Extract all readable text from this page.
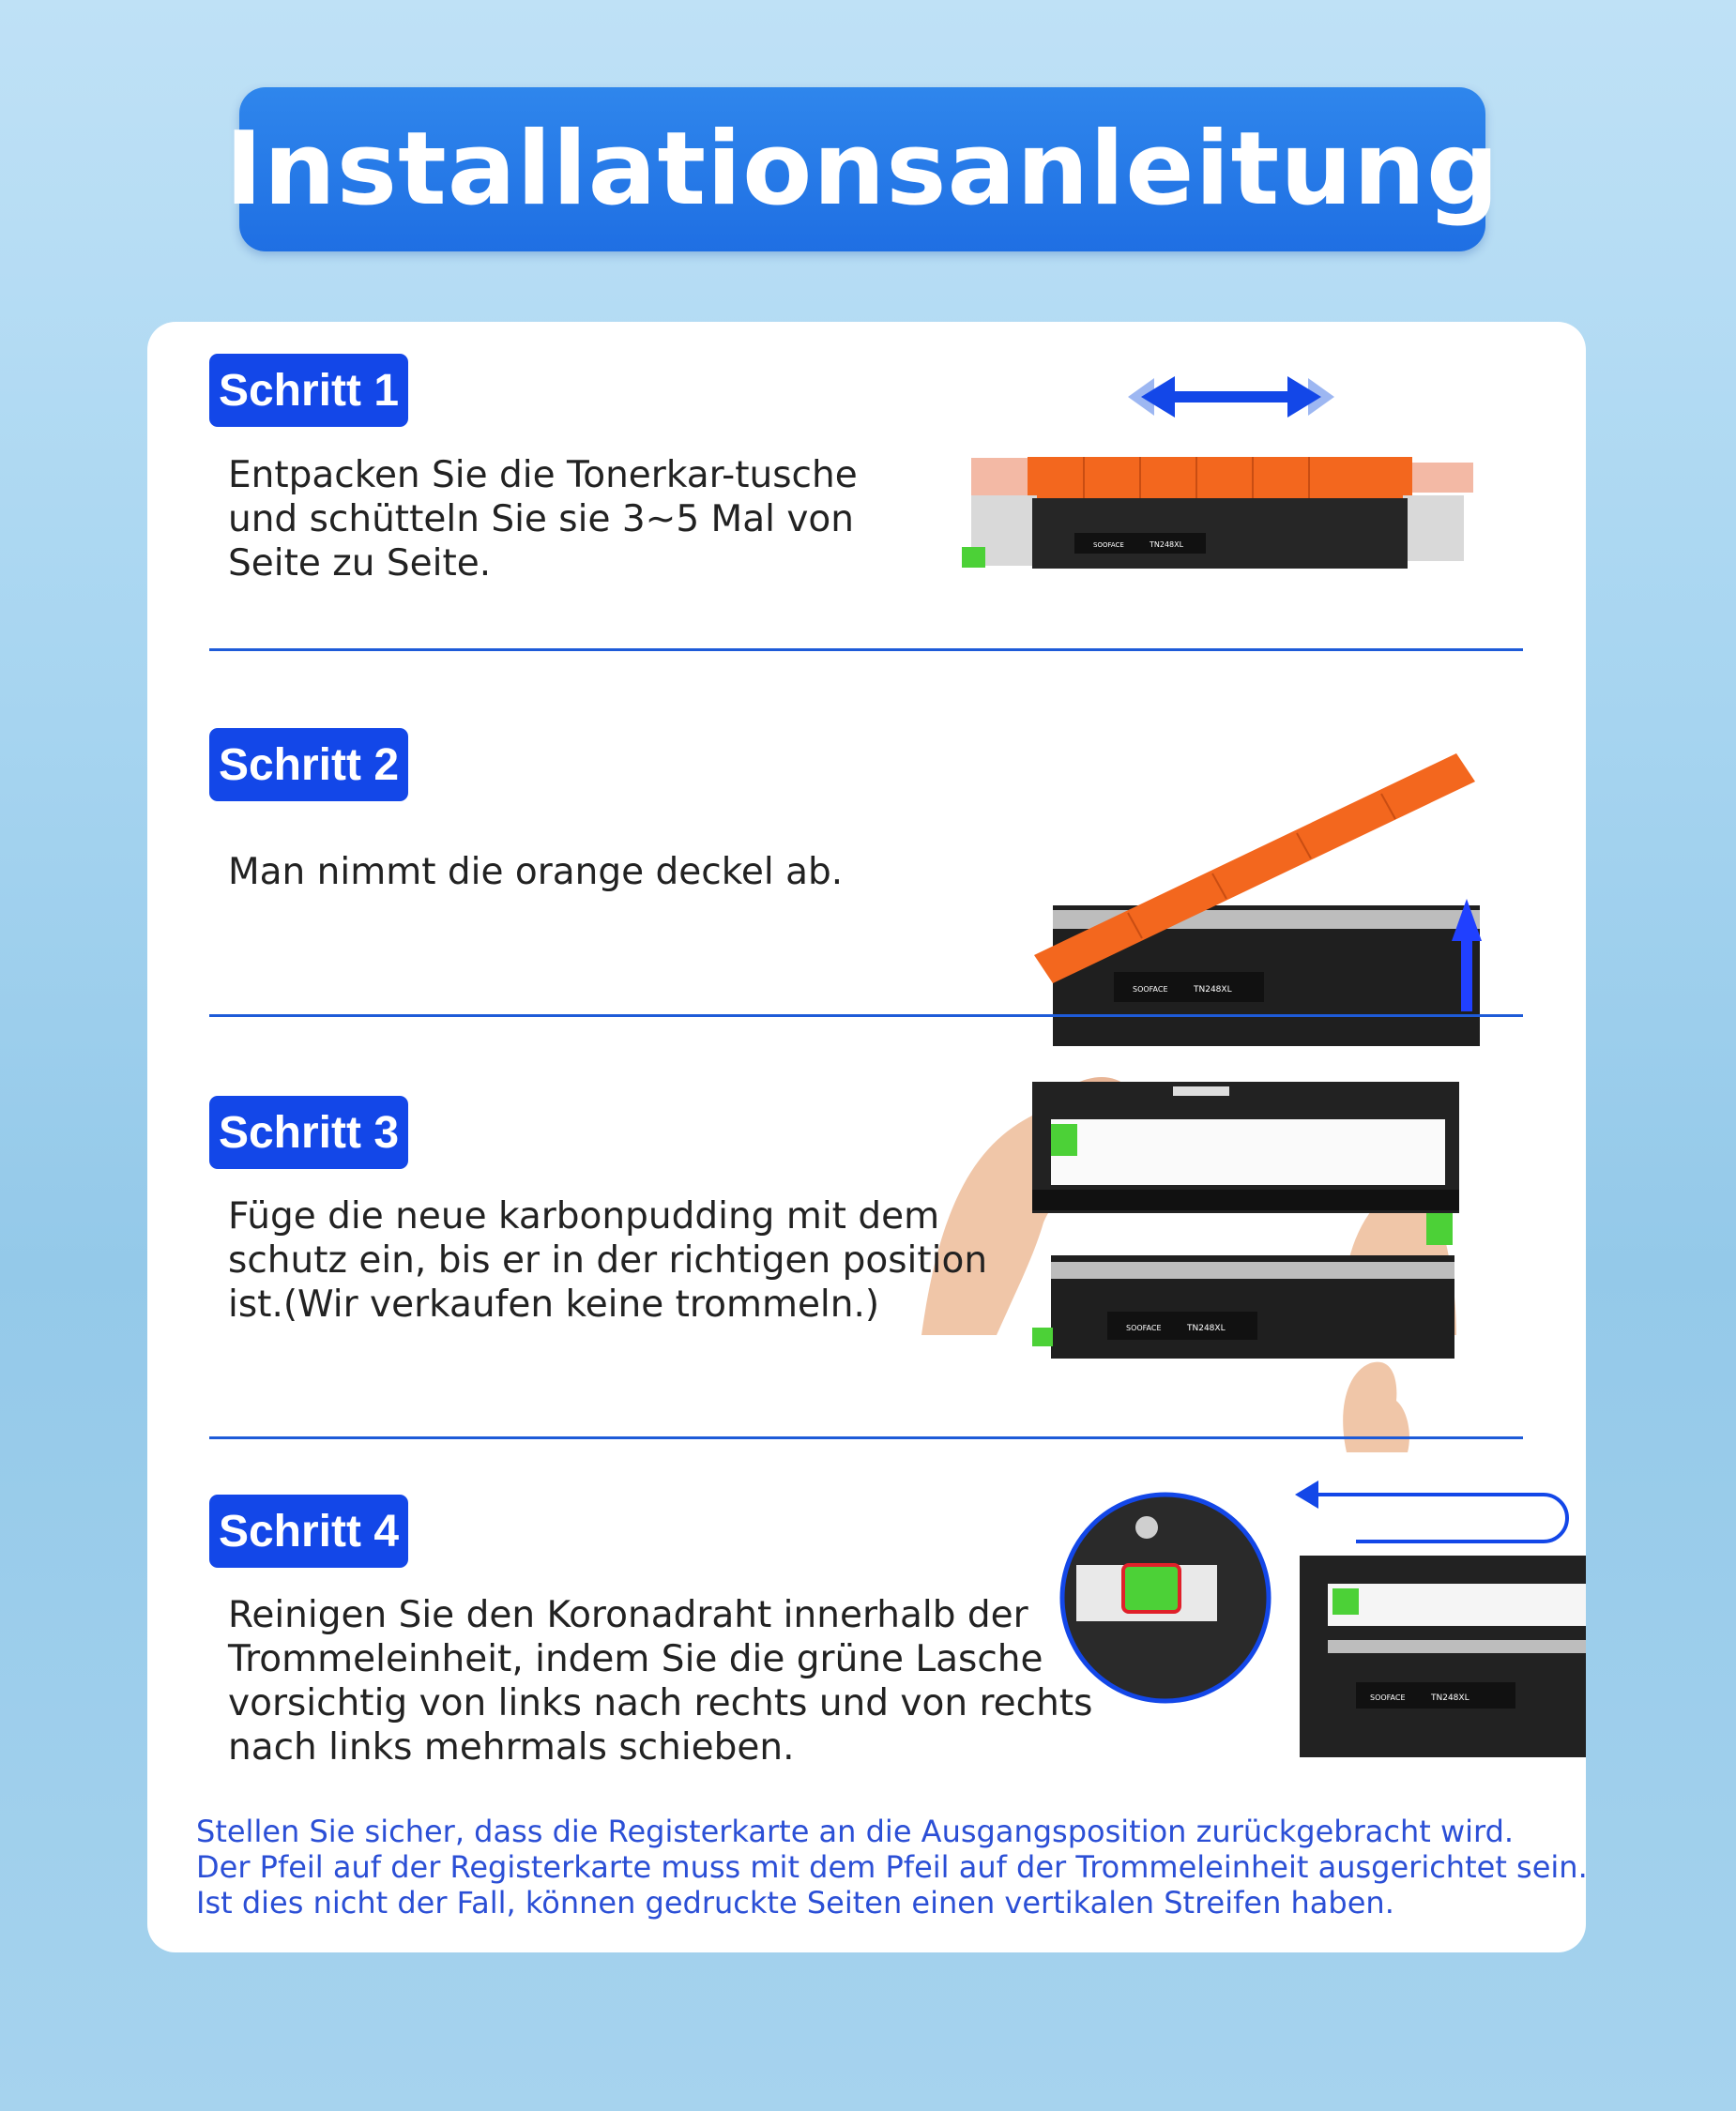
Installationsanleitung
Schritt 1
Entpacken Sie die Tonerkar-tusche
und schütteln Sie sie 3~5 Mal von
Seite zu Seite.	SOOFACE	TN248XL
Schritt 2
Man nimmt die orange deckel ab.
SOOFACE	TN248XL
Schritt 3
Füge die neue karbonpudding mit dem
schutz ein, bis er in der richtigen position
ist.(Wir verkaufen keine trommeln.)
SOOFACE	TN248XL
Schritt 4
Reinigen Sie den Koronadraht innerhalb der
Trommeleinheit, indem Sie die grüne Lasche
vorsichtig von links nach rechts und von rechts
nach links mehrmals schieben.
SOOFACE	TN248XL
Stellen Sie sicher, dass die Registerkarte an die Ausgangsposition zurückgebracht wird.
Der Pfeil auf der Registerkarte muss mit dem Pfeil auf der Trommeleinheit ausgerichtet sein.
Ist dies nicht der Fall, können gedruckte Seiten einen vertikalen Streifen haben.
